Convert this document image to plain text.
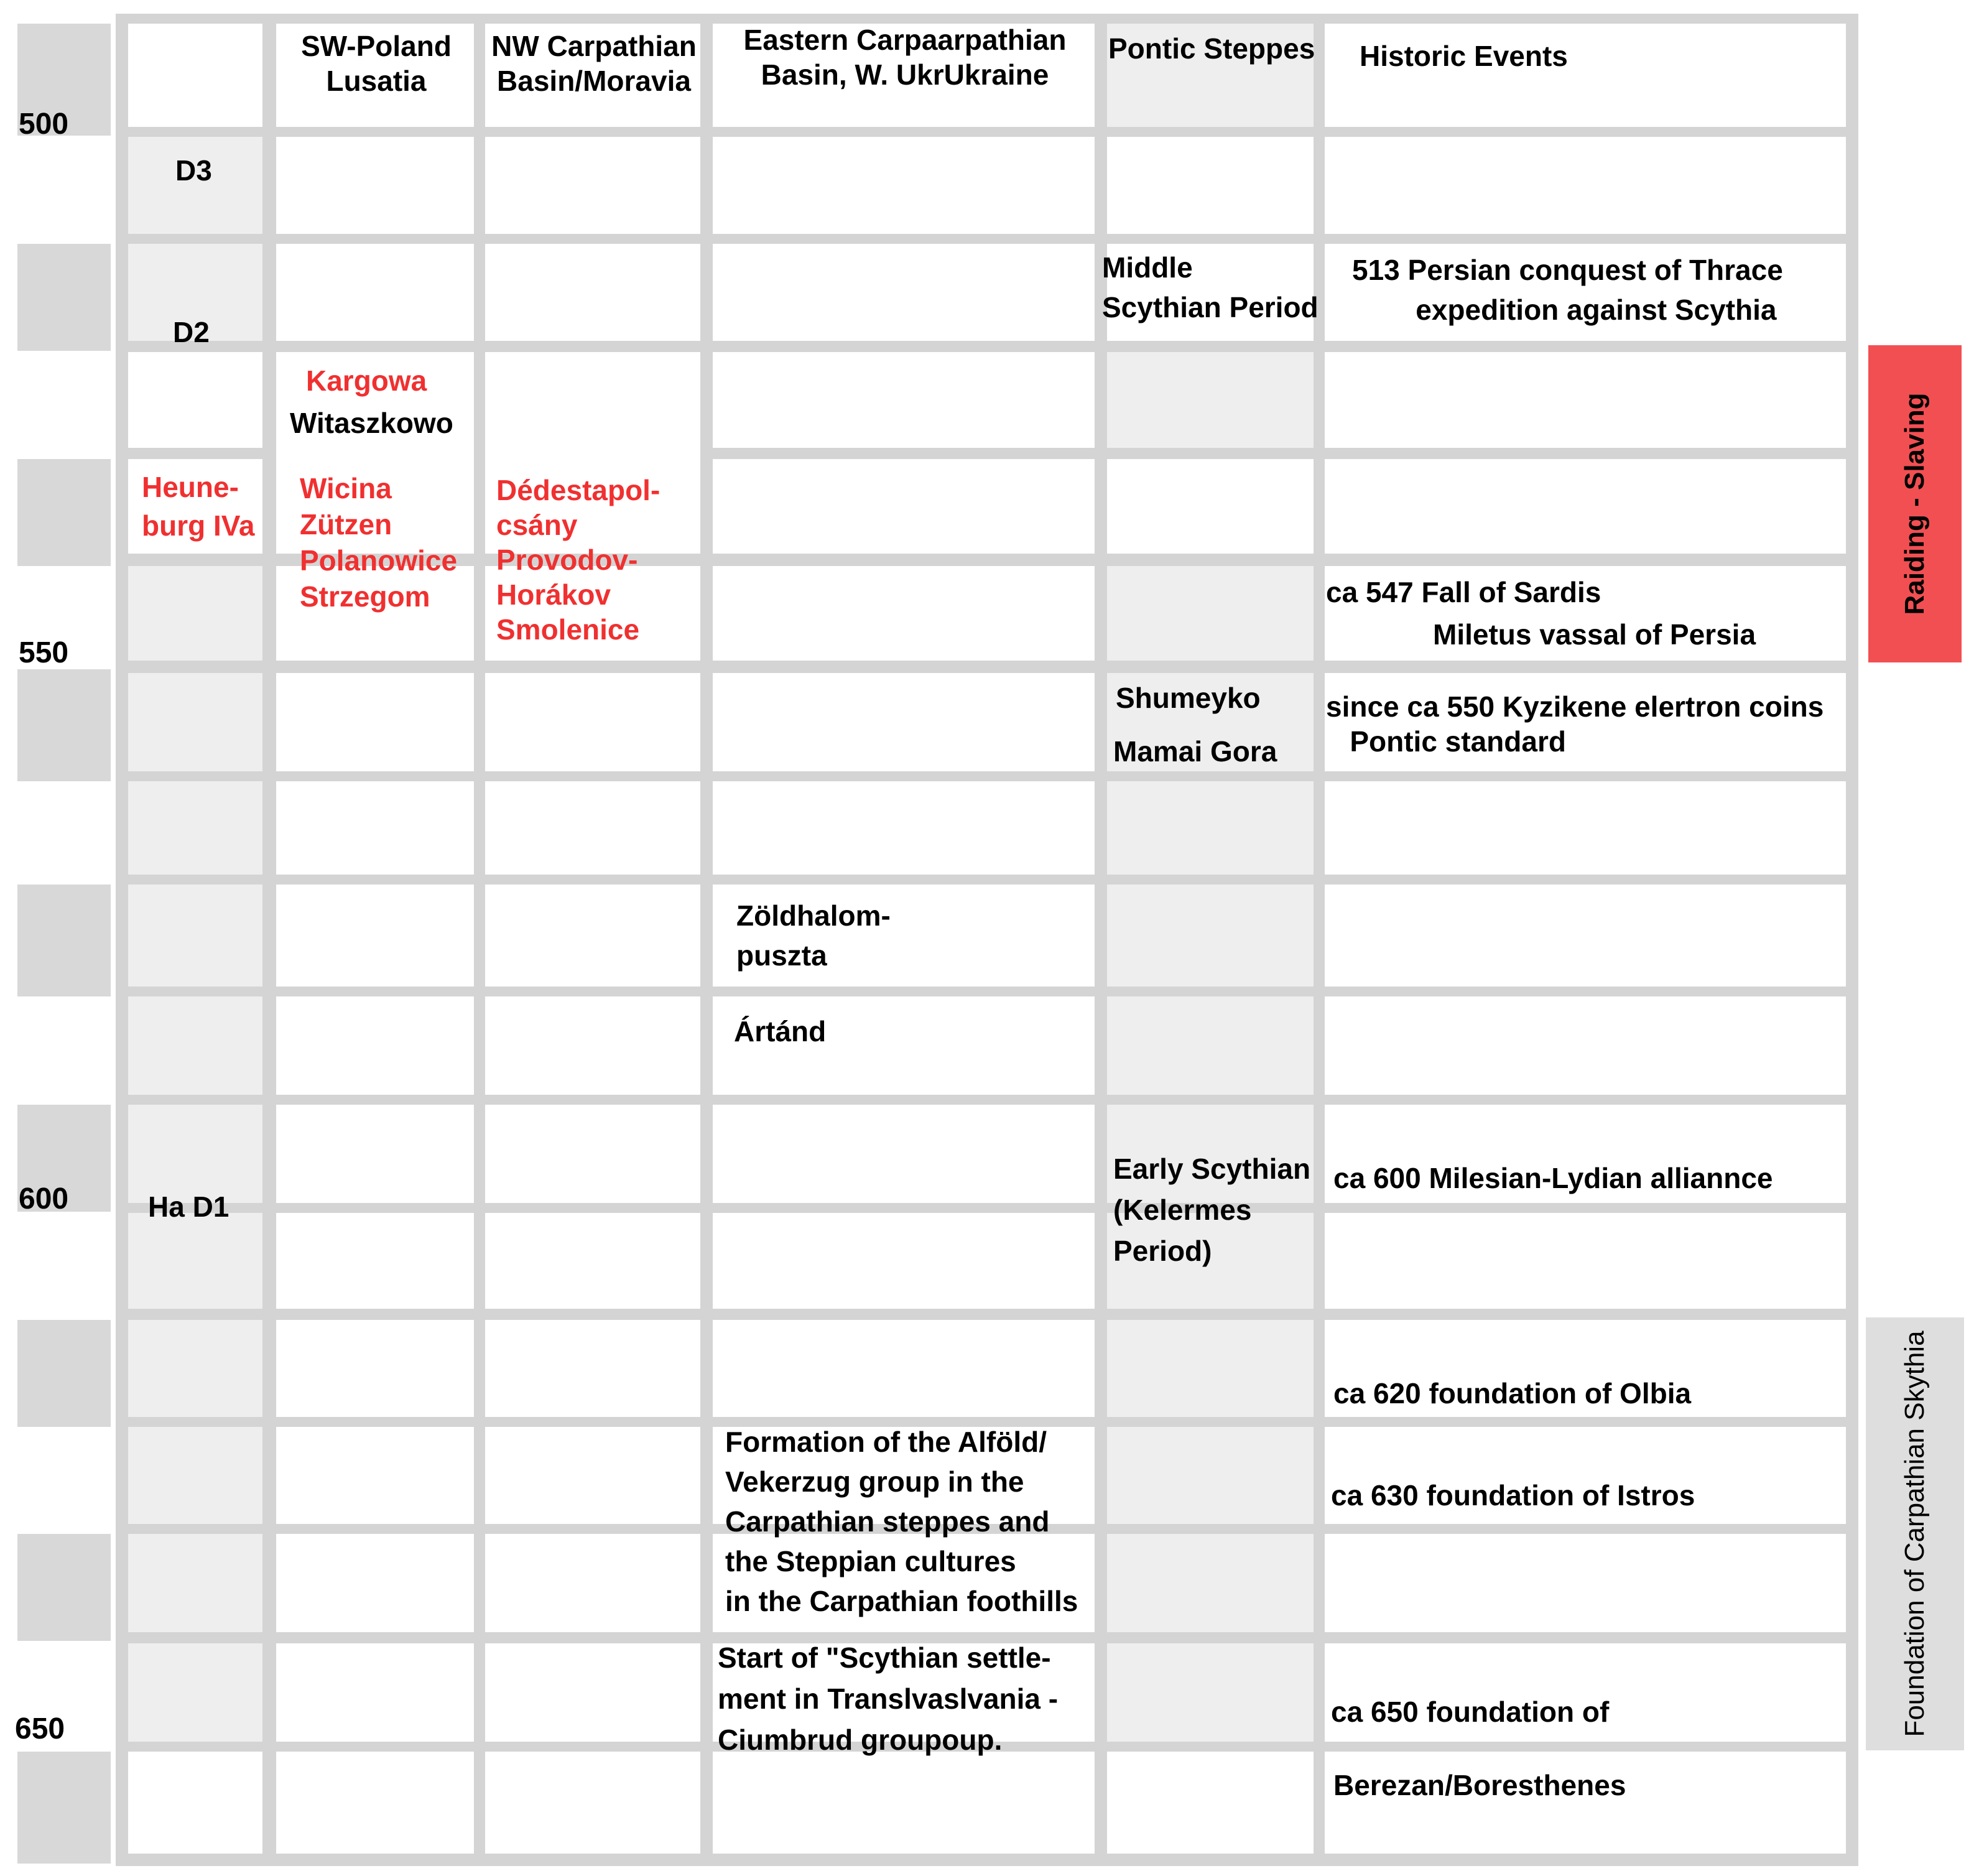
500
550
600
650
SW-Poland
Lusatia
NW Carpathian
Basin/Moravia
Eastern Carpaarpathian
Basin, W. UkrUkraine
Pontic Steppes Historic Events
D3
D2
Ha D1
Heune-
burg IVa
Kargowa
Witaszkowo
Wicina
Zützen
Polanowice
Strzegom
Dédestapol-
csány
Provodov-
Horákov
Smolenice
Zöldhalom-
puszta
Ártánd
Formation of the Alföld/
Vekerzug group in the
Carpathian steppes and
the Steppian cultures
in the Carpathian foothills
Start of "Scythian settle-
ment in Translvaslvania -
Ciumbrud groupoup.
Middle
Scythian Period
Shumeyko
Mamai Gora
Early Scythian
(Kelermes
Period)
513 Persian conquest of Thrace
expedition against Scythia
ca 547 Fall of Sardis
Miletus vassal of Persia
since ca 550 Kyzikene elertron coins
Pontic standard
ca 600 Milesian-Lydian alliannce
ca 620 foundation of Olbia
ca 630 foundation of Istros
ca 650 foundation of
Berezan/Boresthenes
Raiding - Slaving
Foundation of Carpathian Skythia
